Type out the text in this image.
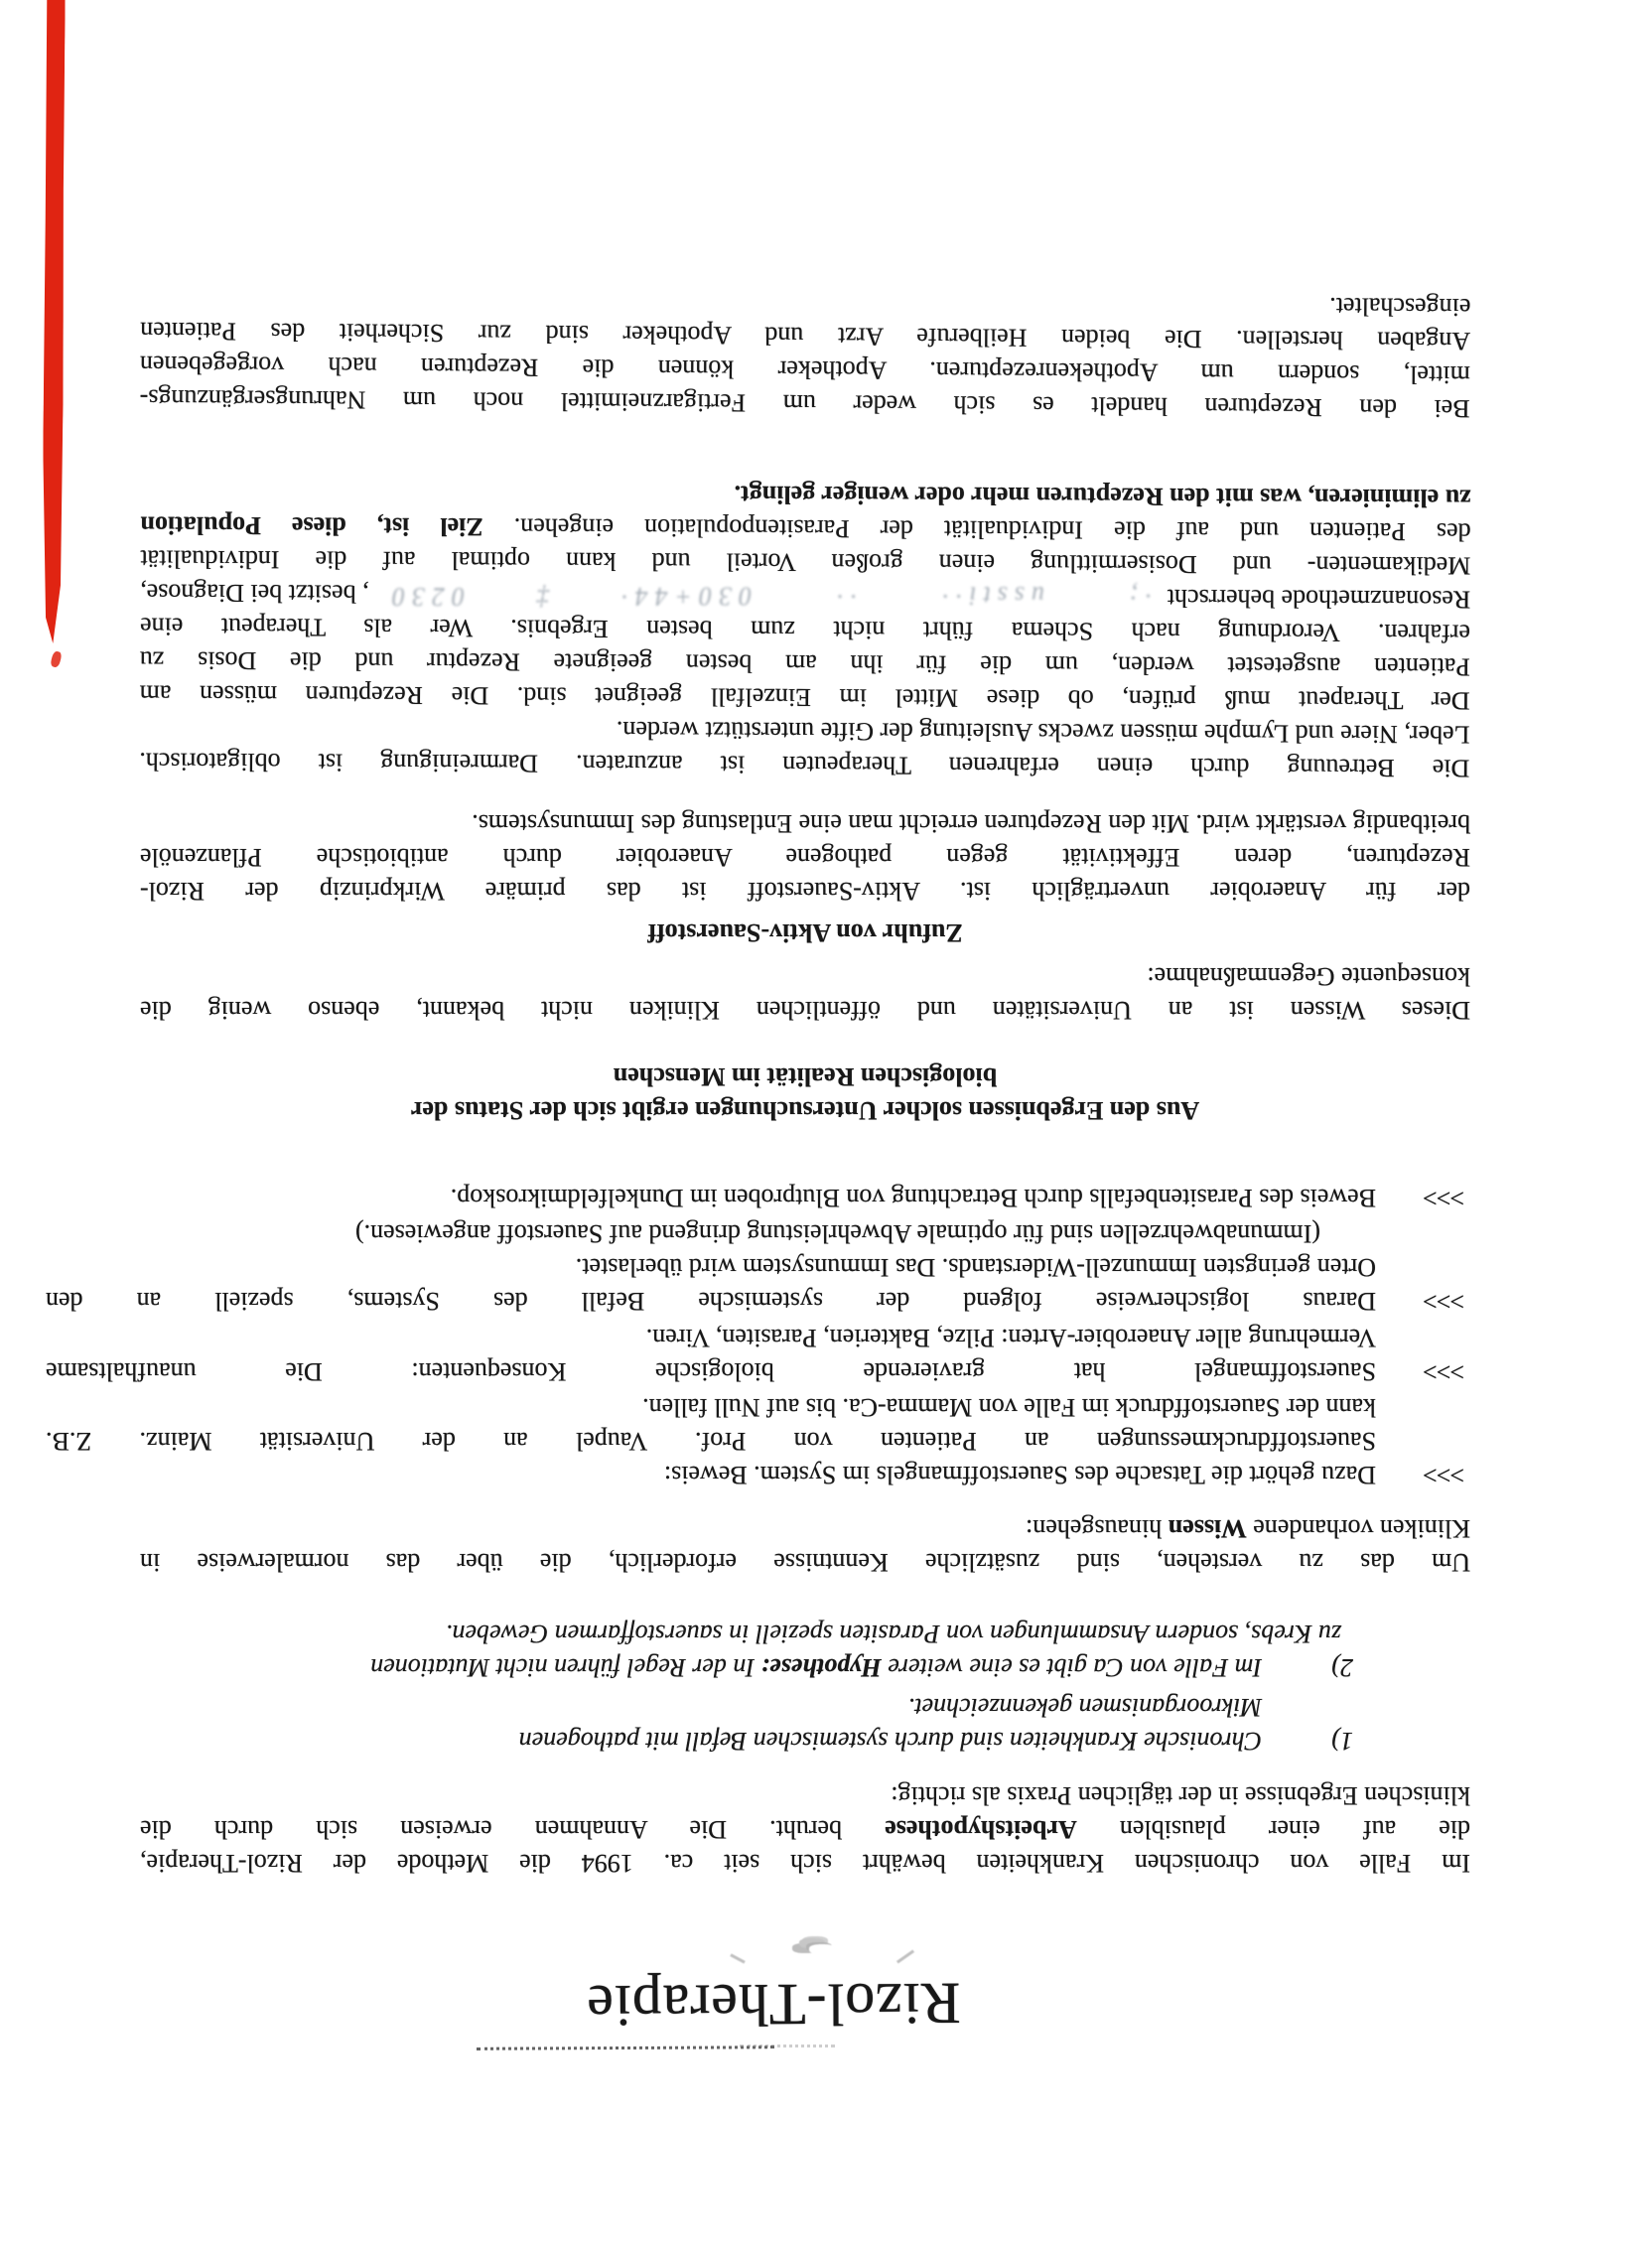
Rizol-Therapie
Im Falle von chronischen Krankheiten bewährt sich seit ca. 1994 die Methode der Rizol-Therapie,
die auf einer plausiblen Arbeitshypothese beruht. Die Annahmen erweisen sich durch die
klinischen Ergebnisse in der täglichen Praxis als richtig:
1)
Chronische Krankheiten sind durch systemischen Befall mit pathogenen
Mikroorganismen gekennzeichnet.
2)
Im Falle von Ca gibt es eine weitere Hypothese: In der Regel führen nicht Mutationen
zu Krebs, sondern Ansammlungen von Parasiten speziell in sauerstoffarmen Geweben.
Um das zu verstehen, sind zusätzliche Kenntnisse erforderlich, die über das normalerweise in
Kliniken vorhandene Wissen hinausgehen:
>>>
Dazu gehört die Tatsache des Sauerstoffmangels im System. Beweis:
Sauerstoffdruckmessungen an Patienten von Prof. Vaupel an der Universität Mainz. Z.B.
kann der Sauerstoffdruck im Falle von Mamma-Ca. bis auf Null fallen.
>>>
Sauerstoffmangel hat gravierende biologische Konsequenten: Die unaufhaltsame
Vermehrung aller Anaerobier-Arten: Pilze, Bakterien, Parasiten, Viren.
>>>
Daraus logischerweise folgend der systemische Befall des Systems, speziell an den
Orten geringsten Immunzell-Widerstands. Das Immunsystem wird überlastet.
(Immunabwehrzellen sind für optimale Abwehrleistung dringend auf Sauerstoff angewiesen.)
>>>
Beweis des Parasitenbefalls durch Betrachtung von Blutproben im Dunkelfeldmikroskop.
Aus den Ergebnissen solcher Untersuchungen ergibt sich der Status der
biologischen Realität im Menschen
Dieses Wissen ist an Universitäten und öffentlichen Kliniken nicht bekannt, ebenso wenig die
konsequente Gegenmaßnahme:
Zufuhr von Aktiv-Sauerstoff
der für Anaerobier unverträglich ist. Aktiv-Sauerstoff ist das primäre Wirkprinzip der Rizol-
Rezepturen, deren Effektivität gegen pathogene Anaerobier durch antibiotische Pflanzenöle
breitbandig verstärkt wird. Mit den Rezepturen erreicht man eine Entlastung des Immunsystems.
Die Betreuung durch einen erfahrenen Therapeuten ist anzuraten. Darmreinigung ist obligatorisch.
Leber, Niere und Lymphe müssen zwecks Ausleitung der Gifte unterstützt werden.
Der Therapeut muß prüfen, ob diese Mittel im Einzelfall geeignet sind. Die Rezepturen müssen am
Patienten ausgetestet werden, um die für ihn am besten geeignete Rezeptur und die Dosis zu
erfahren. Verordnung nach Schema führt nicht zum besten Ergebnis. Wer als Therapeut eine
Resonanzmethode beherrscht
·; ussti·· ·· 030+44·‡0230
, besitzt bei Diagnose,
Medikamenten- und Dosisermittlung einen großen Vorteil und kann optimal auf die Individualität
des Patienten und auf die Individualität der Parasitenpopulation eingehen. Ziel ist, diese Population
zu eliminieren, was mit den Rezepturen mehr oder weniger gelingt.
Bei den Rezepturen handelt es sich weder um Fertigarzneimittel noch um Nahrungsergänzungs-
mittel, sondern um Apothekenrezepturen. Apotheker können die Rezepturen nach vorgegebenen
Angaben herstellen. Die beiden Heilberufe Arzt und Apotheker sind zur Sicherheit des Patienten
eingeschaltet.
